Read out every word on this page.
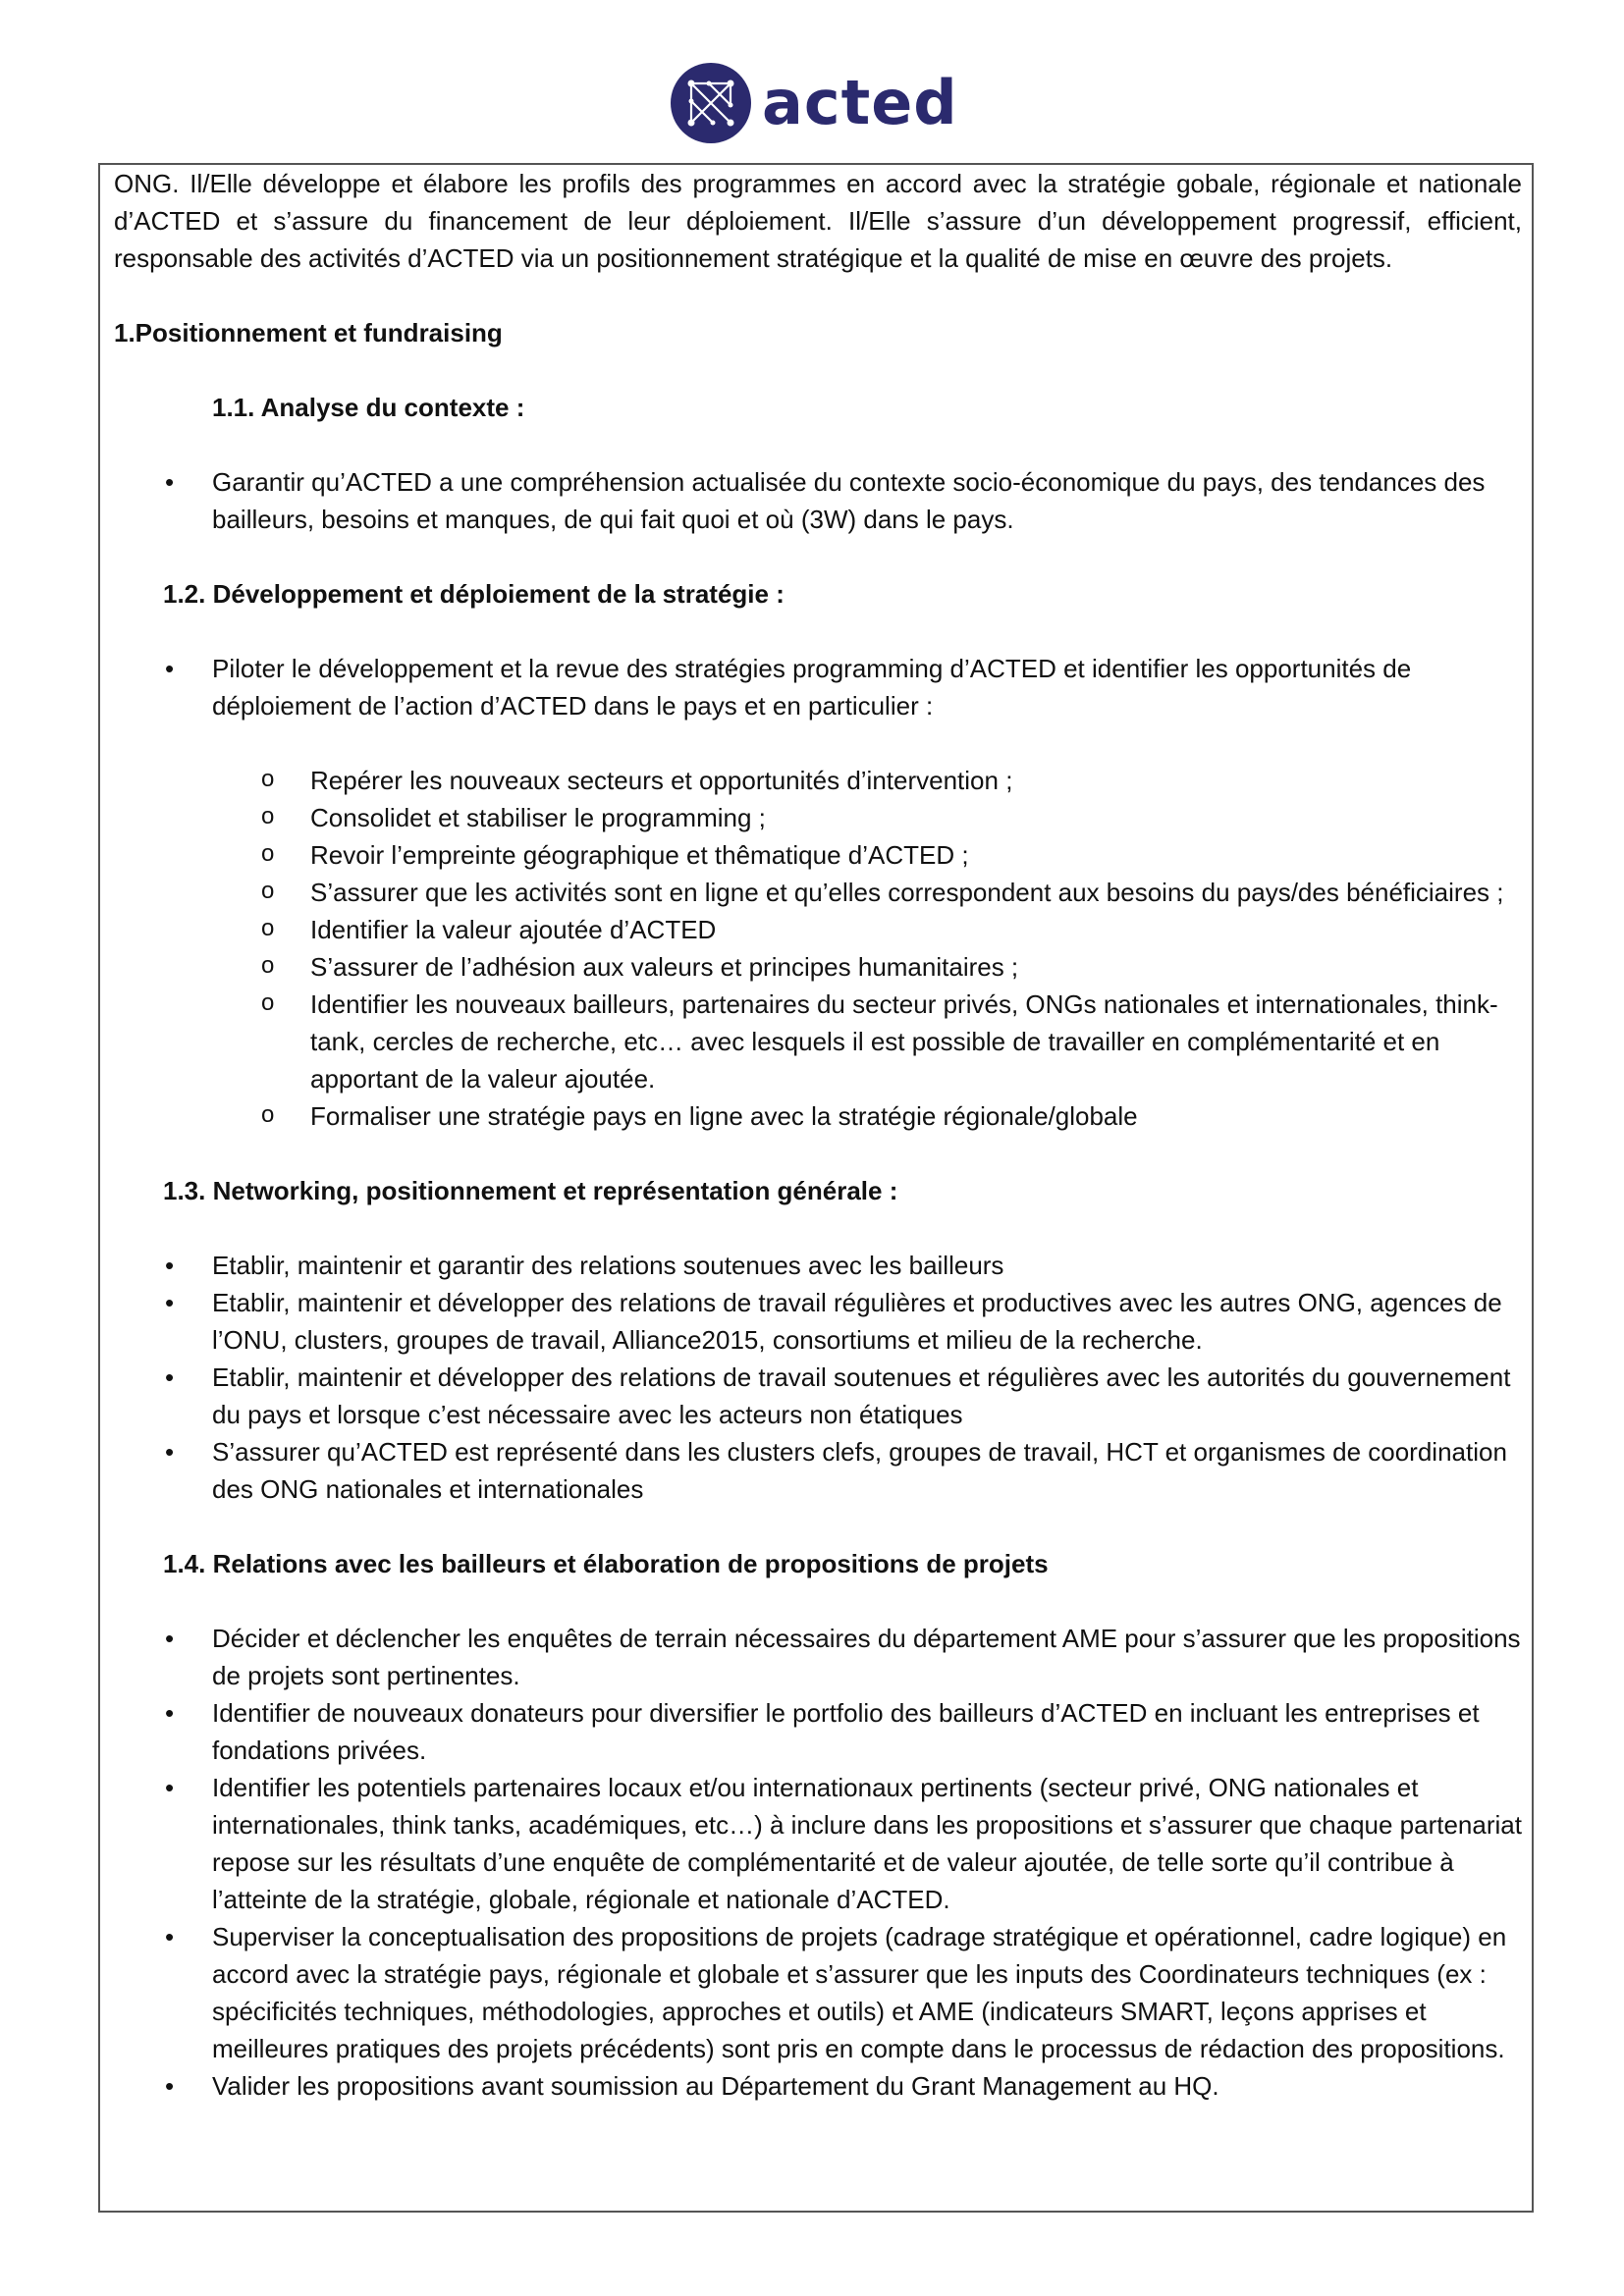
acted

ONG. Il/Elle développe et élabore les profils des programmes en accord avec la stratégie gobale, régionale et nationale d’ACTED et s’assure du financement de leur déploiement. Il/Elle s’assure d’un développement progressif, efficient, responsable des activités d’ACTED via un positionnement stratégique et la qualité de mise en œuvre des projets.

1.Positionnement et fundraising

1.1. Analyse du contexte :

• Garantir qu’ACTED a une compréhension actualisée du contexte socio-économique du pays, des tendances des bailleurs, besoins et manques, de qui fait quoi et où (3W) dans le pays.

1.2. Développement et déploiement de la stratégie :

• Piloter le développement et la revue des stratégies programming d’ACTED et identifier les opportunités de déploiement de l’action d’ACTED dans le pays et en particulier :
o Repérer les nouveaux secteurs et opportunités d’intervention ;
o Consolidet et stabiliser le programming ;
o Revoir l’empreinte géographique et thêmatique d’ACTED ;
o S’assurer que les activités sont en ligne et qu’elles correspondent aux besoins du pays/des bénéficiaires ;
o Identifier la valeur ajoutée d’ACTED
o S’assurer de l’adhésion aux valeurs et principes humanitaires ;
o Identifier les nouveaux bailleurs, partenaires du secteur privés, ONGs nationales et internationales, think-tank, cercles de recherche, etc… avec lesquels il est possible de travailler en complémentarité et en apportant de la valeur ajoutée.
o Formaliser une stratégie pays en ligne avec la stratégie régionale/globale

1.3. Networking, positionnement et représentation générale :

• Etablir, maintenir et garantir des relations soutenues avec les bailleurs
• Etablir, maintenir et développer des relations de travail régulières et productives avec les autres ONG, agences de l’ONU, clusters, groupes de travail, Alliance2015, consortiums et milieu de la recherche.
• Etablir, maintenir et développer des relations de travail soutenues et régulières avec les autorités du gouvernement du pays et lorsque c’est nécessaire avec les acteurs non étatiques
• S’assurer qu’ACTED est représenté dans les clusters clefs, groupes de travail, HCT et organismes de coordination des ONG nationales et internationales

1.4. Relations avec les bailleurs et élaboration de propositions de projets

• Décider et déclencher les enquêtes de terrain nécessaires du département AME pour s’assurer que les propositions de projets sont pertinentes.
• Identifier de nouveaux donateurs pour diversifier le portfolio des bailleurs d’ACTED en incluant les entreprises et fondations privées.
• Identifier les potentiels partenaires locaux et/ou internationaux pertinents (secteur privé, ONG nationales et internationales, think tanks, académiques, etc…) à inclure dans les propositions et s’assurer que chaque partenariat repose sur les résultats d’une enquête de complémentarité et de valeur ajoutée, de telle sorte qu’il contribue à l’atteinte de la stratégie, globale, régionale et nationale d’ACTED.
• Superviser la conceptualisation des propositions de projets (cadrage stratégique et opérationnel, cadre logique) en accord avec la stratégie pays, régionale et globale et s’assurer que les inputs des Coordinateurs techniques (ex : spécificités techniques, méthodologies, approches et outils) et AME (indicateurs SMART, leçons apprises et meilleures pratiques des projets précédents) sont pris en compte dans le processus de rédaction des propositions.
• Valider les propositions avant soumission au Département du Grant Management au HQ.
